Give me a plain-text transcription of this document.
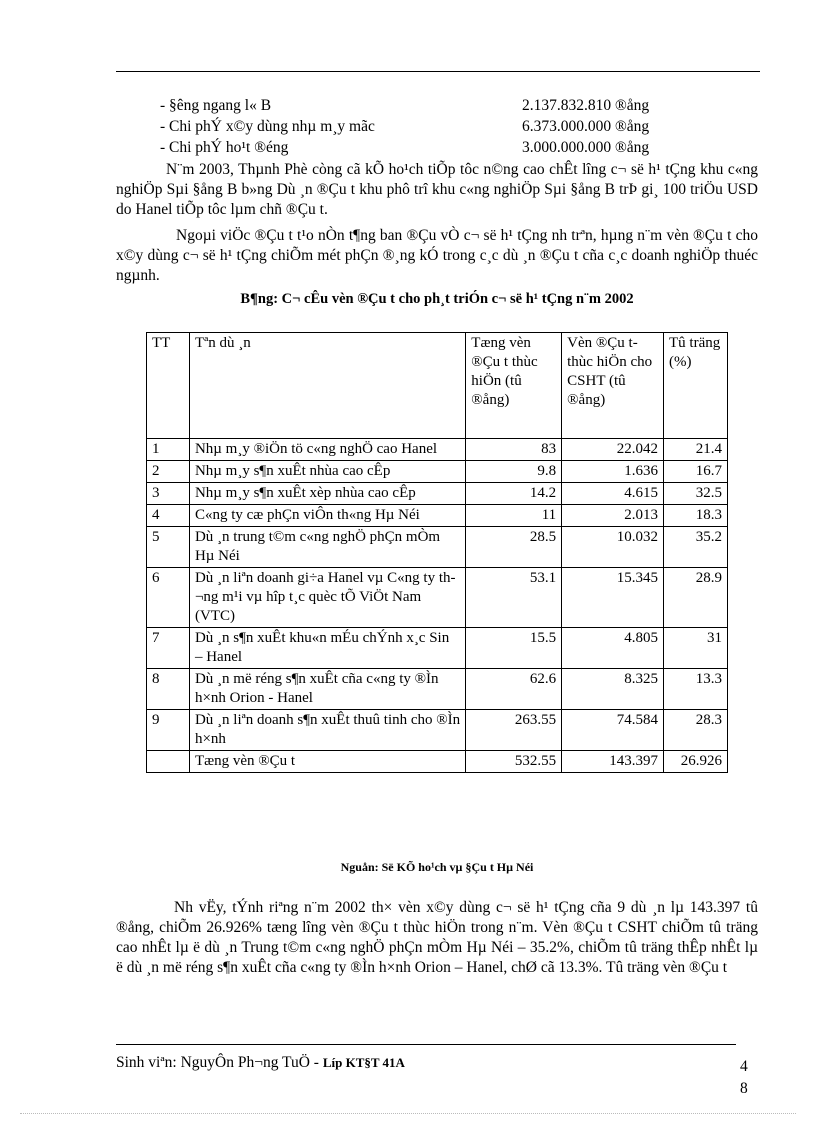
- §êng ngang l« B	2.137.832.810 ®ång
- Chi phÝ x©y dùng nhµ m¸y mãc	6.373.000.000 ®ång
- Chi phÝ ho¹t ®éng	3.000.000.000 ®ång
N¨m 2003, Thµnh Phè còng cã kÕ ho¹ch tiÕp tôc n©ng cao chÊt lîng c¬ së h¹ tÇng khu c«ng nghiÖp Sµi §ång B b»ng Dù ¸n ®Çu t khu phô trî khu c«ng nghiÖp Sµi §ång B trÞ gi¸ 100 triÖu USD do Hanel tiÕp tôc lµm chñ ®Çu t.
Ngoµi viÖc ®Çu t t¹o nÒn t¶ng ban ®Çu vÒ c¬ së h¹ tÇng nh trªn, hµng n¨m vèn ®Çu t cho x©y dùng c¬ së h¹ tÇng chiÕm mét phÇn ®¸ng kÓ trong c¸c dù ¸n ®Çu t cña c¸c doanh nghiÖp thuéc ngµnh.
B¶ng: C¬ cÊu vèn ®Çu t cho ph¸t triÓn c¬ së h¹ tÇng n¨m 2002
TT	Tªn dù ¸n	Tæng vèn ®Çu t thùc hiÖn (tû ®ång)	Vèn ®Çu t thùc hiÖn cho CSHT (tû ®ång)	Tû träng (%)
1	Nhµ m¸y ®iÖn tö c«ng nghÖ cao Hanel	83	22.042	21.4
2	Nhµ m¸y s¶n xuÊt nhùa cao cÊp	9.8	1.636	16.7
3	Nhµ m¸y s¶n xuÊt xèp nhùa cao cÊp	14.2	4.615	32.5
4	C«ng ty cæ phÇn viÔn th«ng Hµ Néi	11	2.013	18.3
5	Dù ¸n trung t©m c«ng nghÖ phÇn mÒm Hµ Néi	28.5	10.032	35.2
6	Dù ¸n liªn doanh gi÷a Hanel vµ C«ng ty th¬ng m¹i vµ hîp t¸c quèc tÕ ViÖt Nam (VTC)	53.1	15.345	28.9
7	Dù ¸n s¶n xuÊt khu«n mÉu chÝnh x¸c Sin – Hanel	15.5	4.805	31
8	Dù ¸n më réng s¶n xuÊt cña c«ng ty ®Ìn h×nh Orion - Hanel	62.6	8.325	13.3
9	Dù ¸n liªn doanh s¶n xuÊt thuû tinh cho ®Ìn h×nh	263.55	74.584	28.3
	Tæng vèn ®Çu t	532.55	143.397	26.926
Nguån: Së KÕ ho¹ch vµ §Çu t Hµ Néi
Nh vËy, tÝnh riªng n¨m 2002 th× vèn x©y dùng c¬ së h¹ tÇng cña 9 dù ¸n lµ 143.397 tû ®ång, chiÕm 26.926% tæng lîng vèn ®Çu t thùc hiÖn trong n¨m. Vèn ®Çu t CSHT chiÕm tû träng cao nhÊt lµ ë dù ¸n Trung t©m c«ng nghÖ phÇn mÒm Hµ Néi – 35.2%, chiÕm tû träng thÊp nhÊt lµ ë dù ¸n më réng s¶n xuÊt cña c«ng ty ®Ìn h×nh Orion – Hanel, chØ cã 13.3%. Tû träng vèn ®Çu t
Sinh viªn: NguyÔn Ph¬ng TuÖ - Líp KT§T 41A	4
8
